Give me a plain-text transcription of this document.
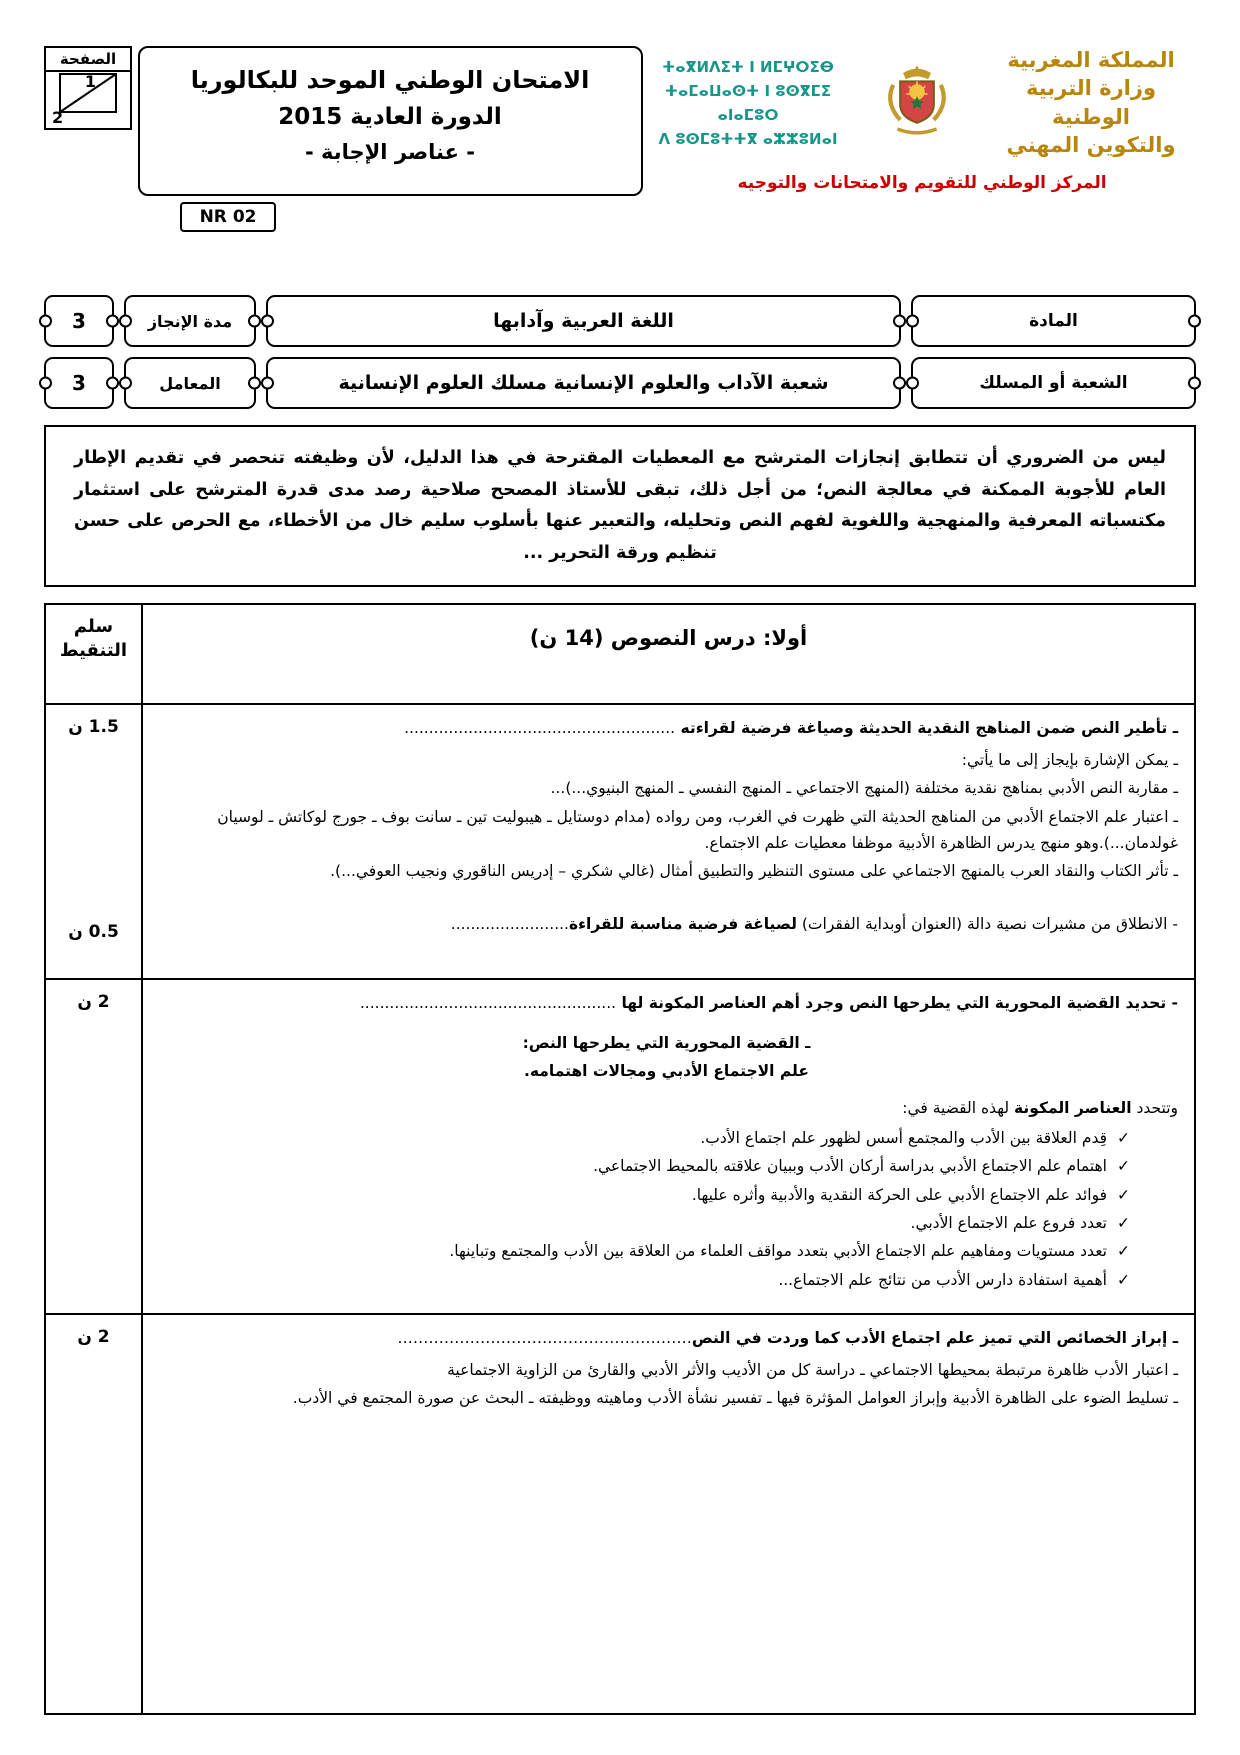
المملكة المغربية
وزارة التربية الوطنية
والتكوين المهني
ⵜⴰⴳⵍⴷⵉⵜ ⵏ ⵍⵎⵖⵔⵉⴱ
ⵜⴰⵎⴰⵡⴰⵙⵜ ⵏ ⵓⵙⴳⵎⵉ ⴰⵏⴰⵎⵓⵔ
ⴷ ⵓⵙⵎⵓⵜⵜⴳ ⴰⵣⵣⵓⵍⴰⵏ
المركز الوطني للتقويم والامتحانات والتوجيه
الامتحان الوطني الموحد للبكالوريا
الدورة العادية 2015
- عناصر الإجابة -
NR 02
الصفحة
1
2
المادة
اللغة العربية وآدابها
مدة الإنجاز
3
الشعبة أو المسلك
شعبة الآداب والعلوم الإنسانية مسلك العلوم الإنسانية
المعامل
3
ليس من الضروري أن تتطابق إنجازات المترشح مع المعطيات المقترحة في هذا الدليل، لأن وظيفته تنحصر في تقديم الإطار العام للأجوبة الممكنة في معالجة النص؛ من أجل ذلك، تبقى للأستاذ المصحح صلاحية رصد مدى قدرة المترشح على استثمار مكتسباته المعرفية والمنهجية واللغوية لفهم النص وتحليله، والتعبير عنها بأسلوب سليم خال من الأخطاء، مع الحرص على حسن تنظيم ورقة التحرير ...
أولا: درس النصوص (14 ن)
سلم التنقيط
ـ تأطير النص ضمن المناهج النقدية الحديثة وصياغة فرضية لقراءته .......................................................
ـ يمكن الإشارة بإيجاز إلى ما يأتي:
ـ مقاربة النص الأدبي بمناهج نقدية مختلفة (المنهج الاجتماعي ـ المنهج النفسي ـ المنهج البنيوي...)...
ـ اعتبار علم الاجتماع الأدبي من المناهج الحديثة التي ظهرت في الغرب، ومن رواده (مدام دوستايل ـ هيبوليت تين ـ سانت بوف ـ جورج لوكاتش ـ لوسيان غولدمان...).وهو منهج يدرس الظاهرة الأدبية موظفا معطيات علم الاجتماع.
ـ تأثر الكتاب والنقاد العرب بالمنهج الاجتماعي على مستوى التنظير والتطبيق أمثال (غالي شكري – إدريس الناقوري ونجيب العوفي...).
- الانطلاق من مشيرات نصية دالة (العنوان أوبداية الفقرات) لصياغة فرضية مناسبة للقراءة........................
1.5 ن
0.5 ن
- تحديد القضية المحورية التي يطرحها النص وجرد أهم العناصر المكونة لها ....................................................
ـ القضية المحورية التي يطرحها النص:
علم الاجتماع الأدبي ومجالات اهتمامه.
وتتحدد العناصر المكونة لهذه القضية في:
✓
قِدم العلاقة بين الأدب والمجتمع أسس لظهور علم اجتماع الأدب.
✓
اهتمام علم الاجتماع الأدبي بدراسة أركان الأدب وببيان علاقته بالمحيط الاجتماعي.
✓
فوائد علم الاجتماع الأدبي على الحركة النقدية والأدبية وأثره عليها.
✓
تعدد فروع علم الاجتماع الأدبي.
✓
تعدد مستويات ومفاهيم علم الاجتماع الأدبي بتعدد مواقف العلماء من العلاقة بين الأدب والمجتمع وتباينها.
✓
أهمية استفادة دارس الأدب من نتائج علم الاجتماع...
2 ن
ـ إبراز الخصائص التي تميز علم اجتماع الأدب كما وردت في النص…………………………………………………
ـ اعتبار الأدب ظاهرة مرتبطة بمحيطها الاجتماعي ـ دراسة كل من الأديب والأثر الأدبي والقارئ من الزاوية الاجتماعية
ـ تسليط الضوء على الظاهرة الأدبية وإبراز العوامل المؤثرة فيها ـ تفسير نشأة الأدب وماهيته ووظيفته ـ البحث عن صورة المجتمع في الأدب.
2 ن
